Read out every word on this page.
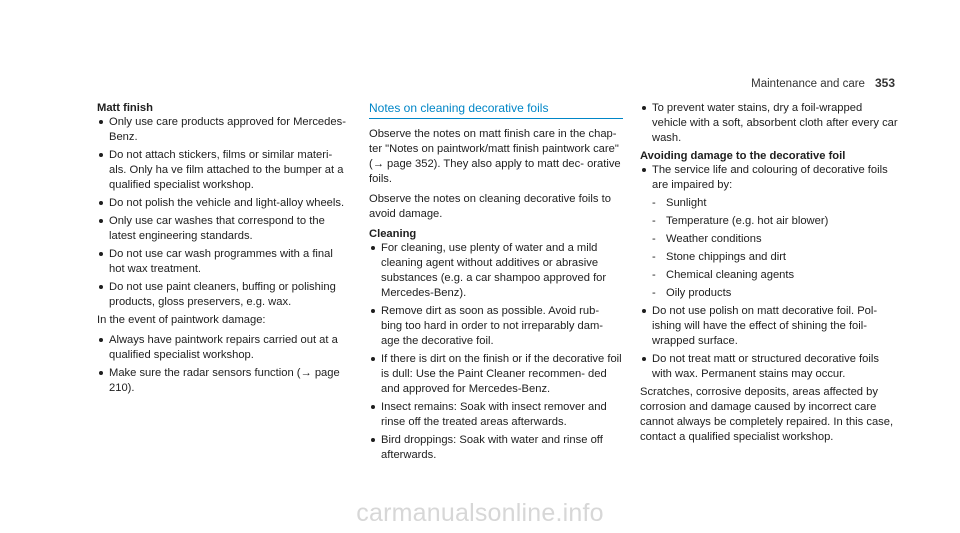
Maintenance and care 353
Matt finish
Only use care products approved for Mercedes-Benz.
Do not attach stickers, films or similar materi- als. Only ha ve film attached to the bumper at a qualified specialist workshop.
Do not polish the vehicle and light-alloy wheels.
Only use car washes that correspond to the latest engineering standards.
Do not use car wash programmes with a final hot wax treatment.
Do not use paint cleaners, buffing or polishing products, gloss preservers, e.g. wax.

In the event of paintwork damage:

Always have paintwork repairs carried out at a qualified specialist workshop.
Make sure the radar sensors function (→ page 210).
Notes on cleaning decorative foils

Observe the notes on matt finish care in the chap- ter "Notes on paintwork/matt finish paintwork care" (→ page 352). They also apply to matt dec- orative foils.

Observe the notes on cleaning decorative foils to avoid damage.

Cleaning
For cleaning, use plenty of water and a mild cleaning agent without additives or abrasive substances (e.g. a car shampoo approved for Mercedes-Benz).
Remove dirt as soon as possible. Avoid rub- bing too hard in order to not irreparably dam- age the decorative foil.
If there is dirt on the finish or if the decorative foil is dull: Use the Paint Cleaner recommen- ded and approved for Mercedes-Benz.
Insect remains: Soak with insect remover and rinse off the treated areas afterwards.
Bird droppings: Soak with water and rinse off afterwards.
To prevent water stains, dry a foil-wrapped vehicle with a soft, absorbent cloth after every car wash.
Avoiding damage to the decorative foil
The service life and colouring of decorative foils are impaired by:
- Sunlight
- Temperature (e.g. hot air blower)
- Weather conditions
- Stone chippings and dirt
- Chemical cleaning agents
- Oily products
Do not use polish on matt decorative foil. Pol- ishing will have the effect of shining the foil- wrapped surface.
Do not treat matt or structured decorative foils with wax. Permanent stains may occur.

Scratches, corrosive deposits, areas affected by corrosion and damage caused by incorrect care cannot always be completely repaired. In this case, contact a qualified specialist workshop.

carmanualsonline.info
